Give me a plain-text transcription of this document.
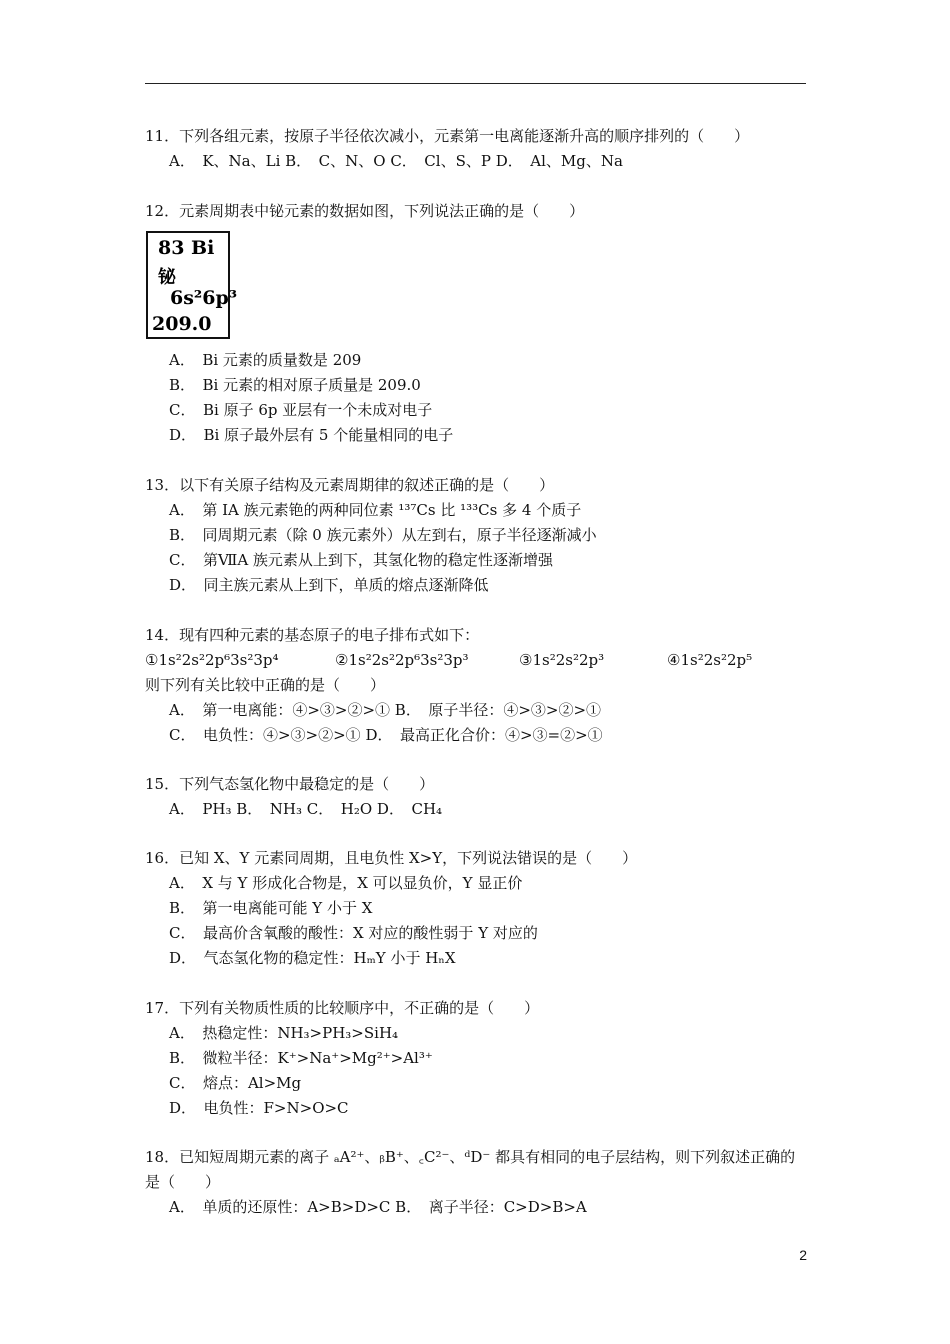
11．下列各组元素，按原子半径依次减小，元素第一电离能逐渐升高的顺序排列的（　　）
A．　K、Na、Li B．　C、N、O C．　Cl、S、P D．　Al、Mg、Na
12．元素周期表中铋元素的数据如图，下列说法正确的是（　　）
83 Bi
铋
6s²6p³
209.0
A．　Bi 元素的质量数是 209
B．　Bi 元素的相对原子质量是 209.0
C．　Bi 原子 6p 亚层有一个未成对电子
D．　Bi 原子最外层有 5 个能量相同的电子
13．以下有关原子结构及元素周期律的叙述正确的是（　　）
A．　第 IA 族元素铯的两种同位素 ¹³⁷Cs 比 ¹³³Cs 多 4 个质子
B．　同周期元素（除 0 族元素外）从左到右，原子半径逐渐减小
C．　第ⅦA 族元素从上到下，其氢化物的稳定性逐渐增强
D．　同主族元素从上到下，单质的熔点逐渐降低
14．现有四种元素的基态原子的电子排布式如下：
①1s²2s²2p⁶3s²3p⁴	②1s²2s²2p⁶3s²3p³	③1s²2s²2p³	④1s²2s²2p⁵
则下列有关比较中正确的是（　　）
A．　第一电离能：④>③>②>① B．　原子半径：④>③>②>①
C．　电负性：④>③>②>① D．　最高正化合价：④>③=②>①
15．下列气态氢化物中最稳定的是（　　）
A．　PH₃ B．　NH₃ C．　H₂O D．　CH₄
16．已知 X、Y 元素同周期，且电负性 X>Y，下列说法错误的是（　　）
A．　X 与 Y 形成化合物是，X 可以显负价，Y 显正价
B．　第一电离能可能 Y 小于 X
C．　最高价含氧酸的酸性：X 对应的酸性弱于 Y 对应的
D．　气态氢化物的稳定性：HₘY 小于 HₙX
17．下列有关物质性质的比较顺序中，不正确的是（　　）
A．　热稳定性：NH₃>PH₃>SiH₄
B．　微粒半径：K⁺>Na⁺>Mg²⁺>Al³⁺
C．　熔点：Al>Mg
D．　电负性：F>N>O>C
18．已知短周期元素的离子 ₐA²⁺、ᵦB⁺、꜀C²⁻、ᵈD⁻ 都具有相同的电子层结构，则下列叙述正确的是（　　）
A．　单质的还原性：A>B>D>C B．　离子半径：C>D>B>A
2
